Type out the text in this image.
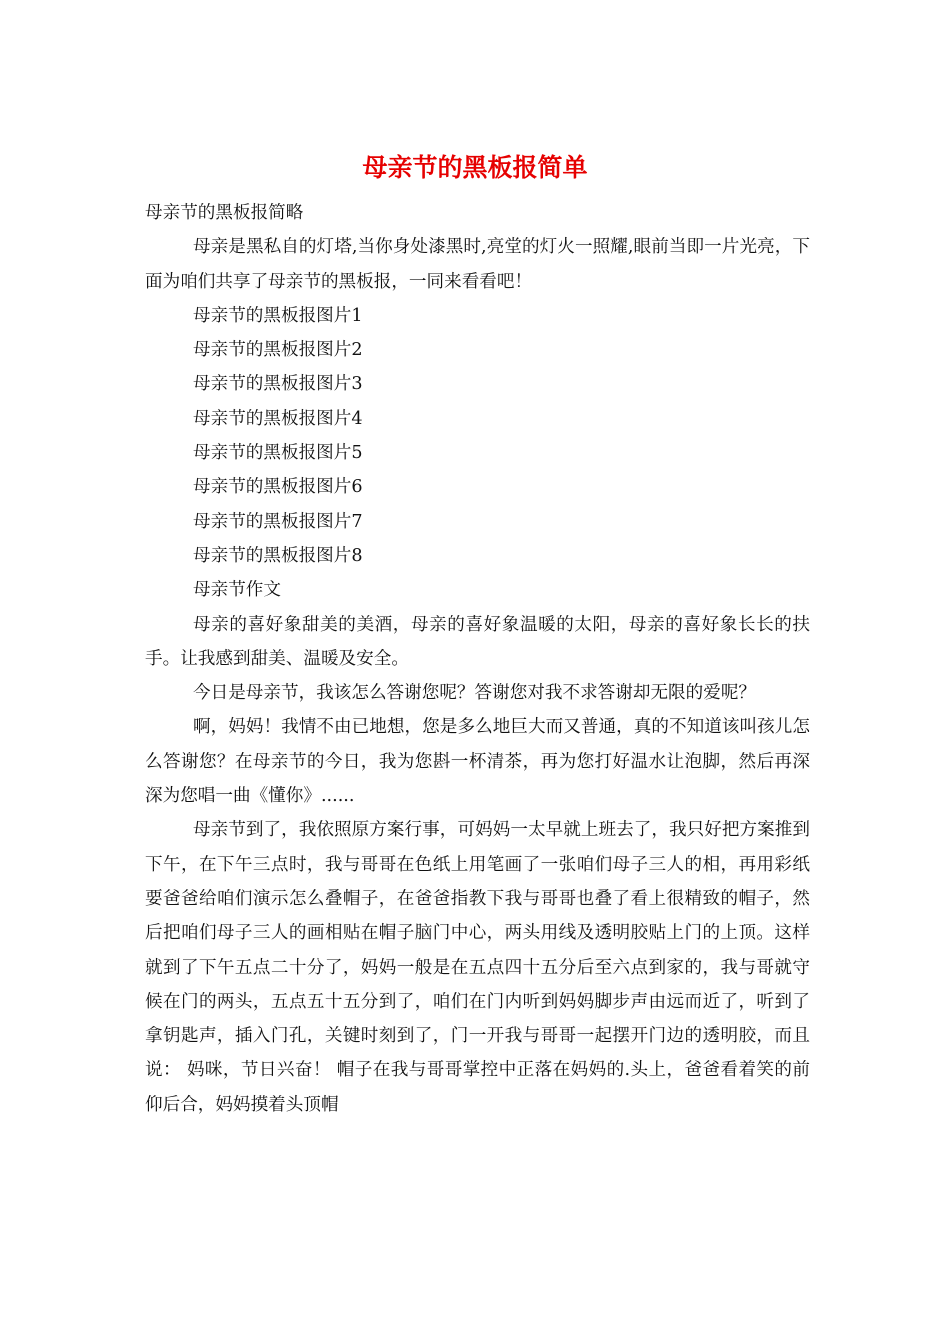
母亲节的黑板报简单

母亲节的黑板报简略

母亲是黑私自的灯塔,当你身处漆黑时,亮堂的灯火一照耀,眼前当即一片光亮，下面为咱们共享了母亲节的黑板报，一同来看看吧！

母亲节的黑板报图片1

母亲节的黑板报图片2

母亲节的黑板报图片3

母亲节的黑板报图片4

母亲节的黑板报图片5

母亲节的黑板报图片6

母亲节的黑板报图片7

母亲节的黑板报图片8

母亲节作文

母亲的喜好象甜美的美酒，母亲的喜好象温暖的太阳，母亲的喜好象长长的扶手。让我感到甜美、温暖及安全。

今日是母亲节，我该怎么答谢您呢？答谢您对我不求答谢却无限的爱呢？

啊，妈妈！我情不由已地想，您是多么地巨大而又普通，真的不知道该叫孩儿怎么答谢您？在母亲节的今日，我为您斟一杯清茶，再为您打好温水让泡脚，然后再深深为您唱一曲《懂你》......

母亲节到了，我依照原方案行事，可妈妈一太早就上班去了，我只好把方案推到下午，在下午三点时，我与哥哥在色纸上用笔画了一张咱们母子三人的相，再用彩纸要爸爸给咱们演示怎么叠帽子，在爸爸指教下我与哥哥也叠了看上很精致的帽子，然后把咱们母子三人的画相贴在帽子脑门中心，两头用线及透明胶贴上门的上顶。这样就到了下午五点二十分了，妈妈一般是在五点四十五分后至六点到家的，我与哥就守候在门的两头，五点五十五分到了，咱们在门内听到妈妈脚步声由远而近了，听到了拿钥匙声，插入门孔，关键时刻到了，门一开我与哥哥一起摆开门边的透明胶，而且说： 妈咪，节日兴奋！ 帽子在我与哥哥掌控中正落在妈妈的.头上，爸爸看着笑的前仰后合，妈妈摸着头顶帽
